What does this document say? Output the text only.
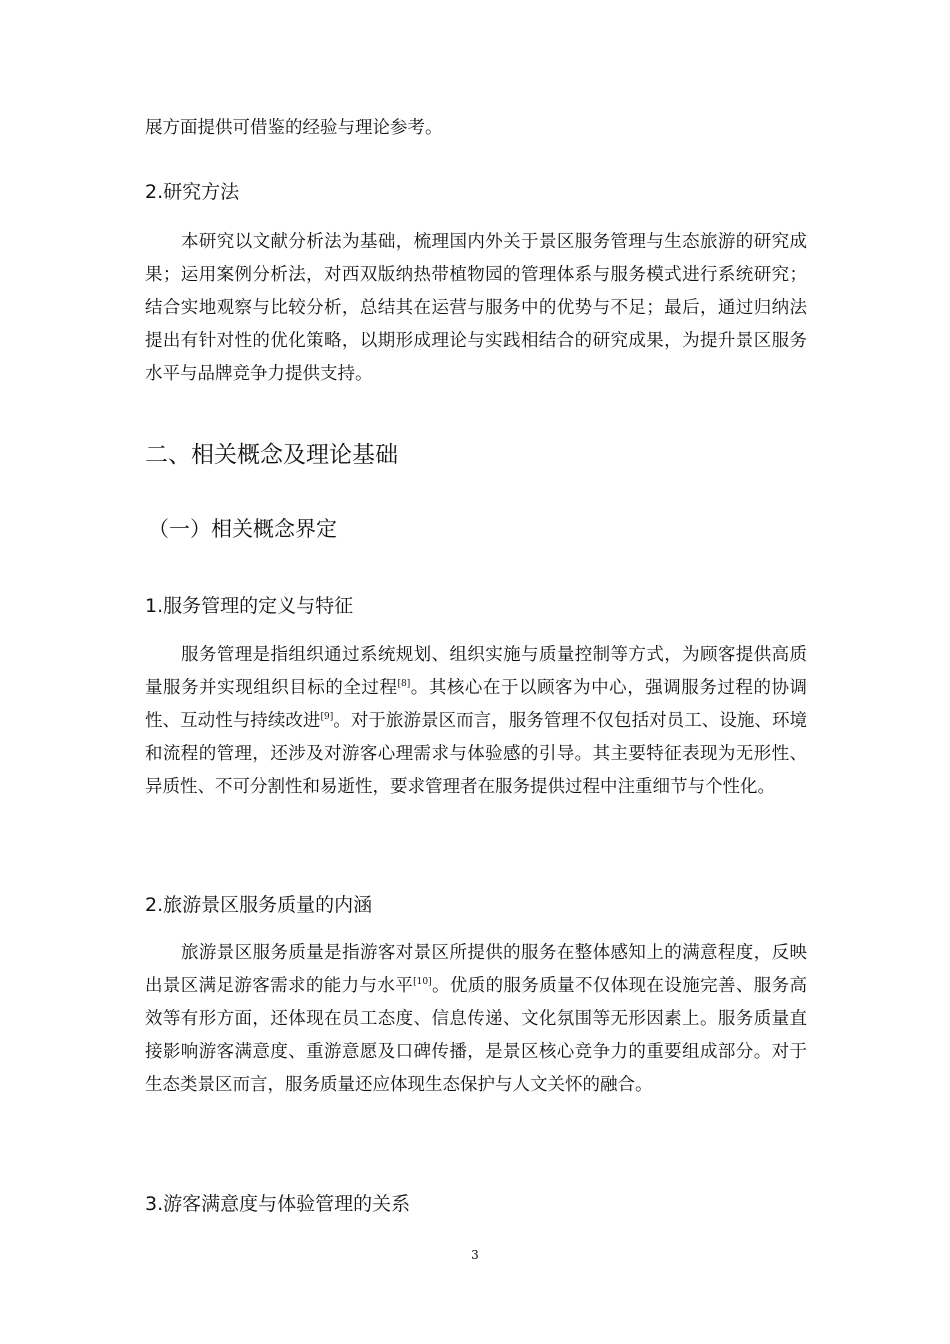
展方面提供可借鉴的经验与理论参考。

2.研究方法

本研究以文献分析法为基础，梳理国内外关于景区服务管理与生态旅游的研究成果；运用案例分析法，对西双版纳热带植物园的管理体系与服务模式进行系统研究；结合实地观察与比较分析，总结其在运营与服务中的优势与不足；最后，通过归纳法提出有针对性的优化策略，以期形成理论与实践相结合的研究成果，为提升景区服务水平与品牌竞争力提供支持。

二、相关概念及理论基础
（一）相关概念界定
1.服务管理的定义与特征

服务管理是指组织通过系统规划、组织实施与质量控制等方式，为顾客提供高质量服务并实现组织目标的全过程[8]。其核心在于以顾客为中心，强调服务过程的协调性、互动性与持续改进[9]。对于旅游景区而言，服务管理不仅包括对员工、设施、环境和流程的管理，还涉及对游客心理需求与体验感的引导。其主要特征表现为无形性、异质性、不可分割性和易逝性，要求管理者在服务提供过程中注重细节与个性化。

2.旅游景区服务质量的内涵

旅游景区服务质量是指游客对景区所提供的服务在整体感知上的满意程度，反映出景区满足游客需求的能力与水平[10]。优质的服务质量不仅体现在设施完善、服务高效等有形方面，还体现在员工态度、信息传递、文化氛围等无形因素上。服务质量直接影响游客满意度、重游意愿及口碑传播，是景区核心竞争力的重要组成部分。对于生态类景区而言，服务质量还应体现生态保护与人文关怀的融合。

3.游客满意度与体验管理的关系
3
